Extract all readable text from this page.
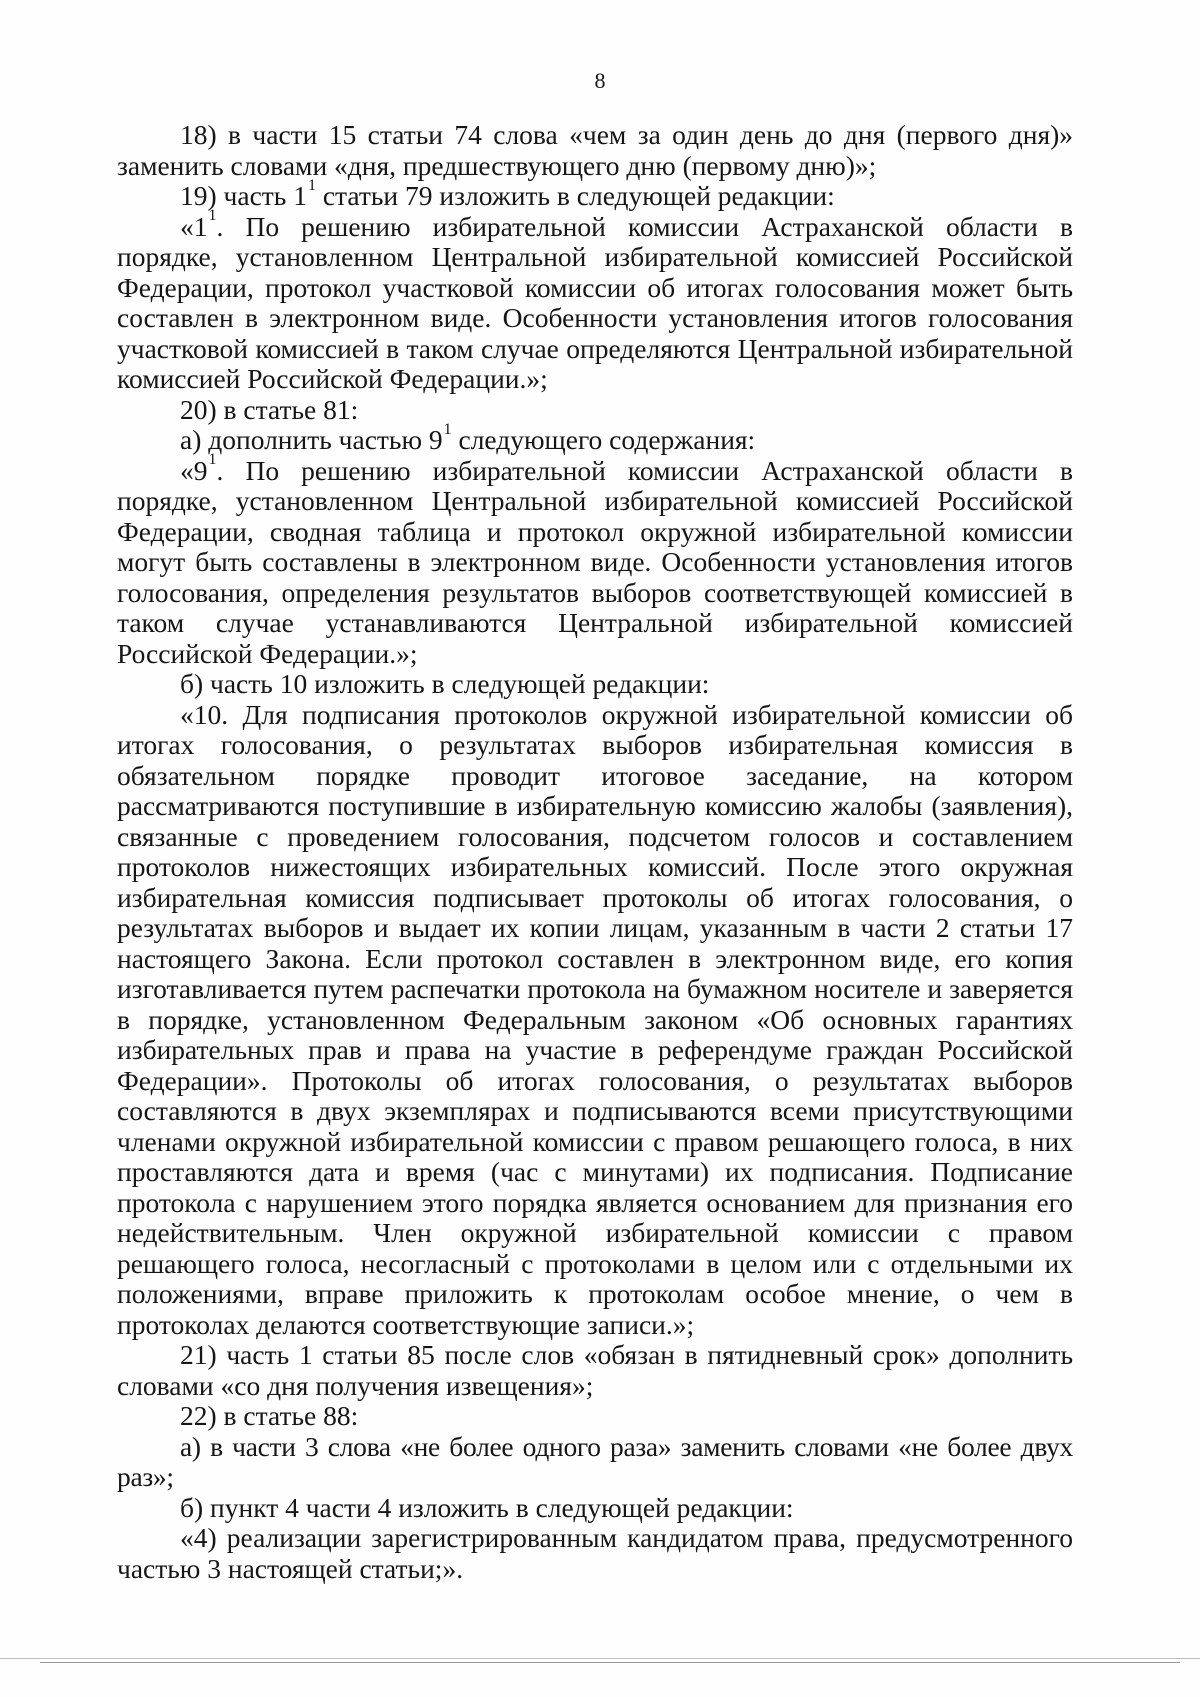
8

18) в части 15 статьи 74 слова «чем за один день до дня (первого дня)» заменить словами «дня, предшествующего дню (первому дню)»;

19) часть $1^1$ статьи 79 изложить в следующей редакции:

«$1^1$. По решению избирательной комиссии Астраханской области в порядке, установленном Центральной избирательной комиссией Российской Федерации, протокол участковой комиссии об итогах голосования может быть составлен в электронном виде. Особенности установления итогов голосования участковой комиссией в таком случае определяются Центральной избирательной комиссией Российской Федерации.»;

20) в статье 81:

а) дополнить частью $9^1$ следующего содержания:

«$9^1$. По решению избирательной комиссии Астраханской области в порядке, установленном Центральной избирательной комиссией Российской Федерации, сводная таблица и протокол окружной избирательной комиссии могут быть составлены в электронном виде. Особенности установления итогов голосования, определения результатов выборов соответствующей комиссией в таком случае устанавливаются Центральной избирательной комиссией Российской Федерации.»;

б) часть 10 изложить в следующей редакции:

«10. Для подписания протоколов окружной избирательной комиссии об итогах голосования, о результатах выборов избирательная комиссия в обязательном порядке проводит итоговое заседание, на котором рассматриваются поступившие в избирательную комиссию жалобы (заявления), связанные с проведением голосования, подсчетом голосов и составлением протоколов нижестоящих избирательных комиссий. После этого окружная избирательная комиссия подписывает протоколы об итогах голосования, о результатах выборов и выдает их копии лицам, указанным в части 2 статьи 17 настоящего Закона. Если протокол составлен в электронном виде, его копия изготавливается путем распечатки протокола на бумажном носителе и заверяется в порядке, установленном Федеральным законом «Об основных гарантиях избирательных прав и права на участие в референдуме граждан Российской Федерации». Протоколы об итогах голосования, о результатах выборов составляются в двух экземплярах и подписываются всеми присутствующими членами окружной избирательной комиссии с правом решающего голоса, в них проставляются дата и время (час с минутами) их подписания. Подписание протокола с нарушением этого порядка является основанием для признания его недействительным. Член окружной избирательной комиссии с правом решающего голоса, несогласный с протоколами в целом или с отдельными их положениями, вправе приложить к протоколам особое мнение, о чем в протоколах делаются соответствующие записи.»;

21) часть 1 статьи 85 после слов «обязан в пятидневный срок» дополнить словами «со дня получения извещения»;

22) в статье 88:

а) в части 3 слова «не более одного раза» заменить словами «не более двух раз»;

б) пункт 4 части 4 изложить в следующей редакции:

«4) реализации зарегистрированным кандидатом права, предусмотренного частью 3 настоящей статьи;».
